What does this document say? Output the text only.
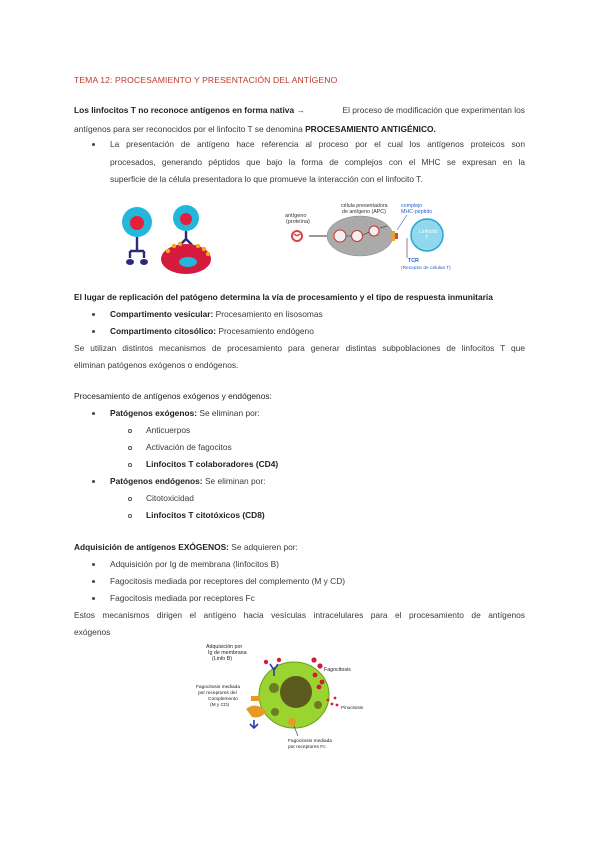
TEMA 12: PROCESAMIENTO Y PRESENTACIÓN DEL ANTÍGENO
Los linfocitos T no reconoce antígenos en forma nativa →	El proceso de modificación que experimentan los
antígenos para ser reconocidos por el linfocito T se denomina PROCESAMIENTO ANTIGÉNICO.
La presentación de antígeno hace referencia al proceso por el cual los antígenos proteicos son
procesados, generando péptidos que bajo la forma de complejos con el MHC se expresan en la
superficie de la célula presentadora lo que promueve la interacción con el linfocito T.
antígeno
(proteína)
célula presentadora
de antígeno (APC)
complejo
MHC-péptido
Linfocito
T
TCR
(Receptor de células T)
El lugar de replicación del patógeno determina la vía de procesamiento y el tipo de respuesta inmunitaria
Compartimento vesicular: Procesamiento en lisosomas
Compartimento citosólico: Procesamiento endógeno
Se utilizan distintos mecanismos de procesamiento para generar distintas subpoblaciones de linfocitos T que
eliminan patógenos exógenos o endógenos.
Procesamiento de antígenos exógenos y endógenos:
Patógenos exógenos: Se eliminan por:
Anticuerpos
Activación de fagocitos
Linfocitos T colaboradores (CD4)
Patógenos endógenos: Se eliminan por:
Citotoxicidad
Linfocitos T citotóxicos (CD8)
Adquisición de antígenos EXÓGENOS: Se adquieren por:
Adquisición por Ig de membrana (linfocitos B)
Fagocitosis mediada por receptores del complemento (M y CD)
Fagocitosis mediada por receptores Fc
Estos mecanismos dirigen el antígeno hacia vesículas intracelulares para el procesamiento de antígenos
exógenos
Adquisición por
Ig de membrana
(Linfo B)
Fagocitosis
Fagocitosis mediada
por receptores del
Complemento
(M y CD)	Pinocitosis
Fagocitosis mediada
por receptores Fc
